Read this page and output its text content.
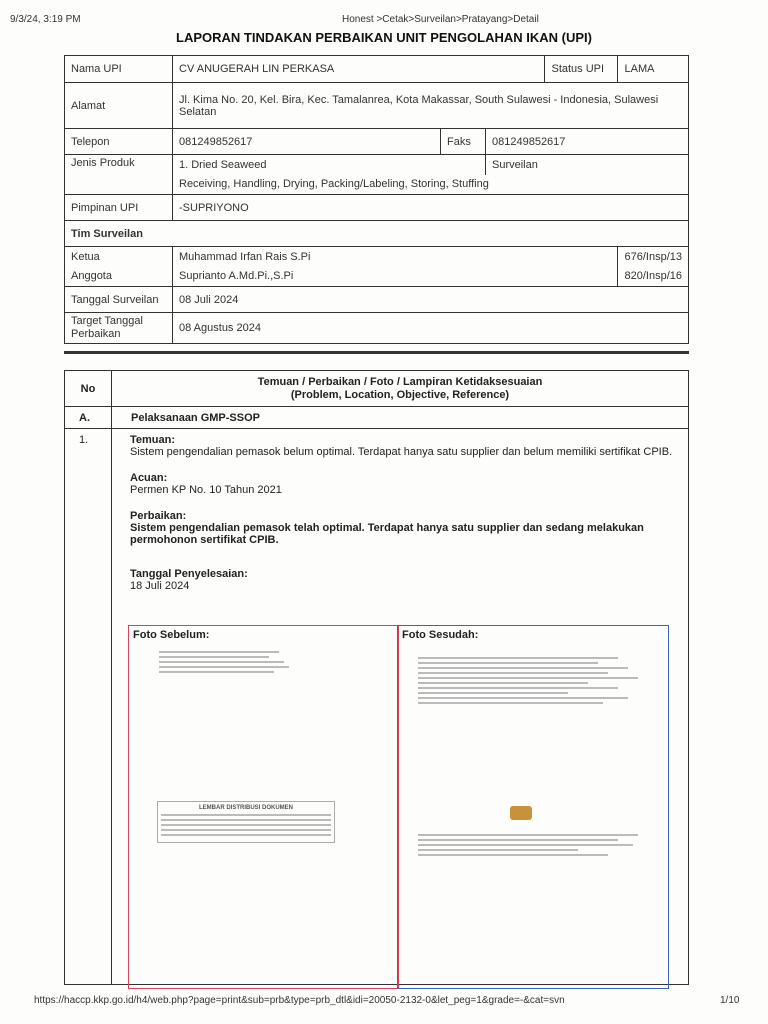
9/3/24, 3:19 PM	Honest >Cetak>Surveilan>Pratayang>Detail
LAPORAN TINDAKAN PERBAIKAN UNIT PENGOLAHAN IKAN (UPI)
Nama UPI	CV ANUGERAH LIN PERKASA			Status UPI	LAMA
Alamat	Jl. Kima No. 20, Kel. Bira, Kec. Tamalanrea, Kota Makassar, South Sulawesi - Indonesia, Sulawesi Selatan				
Telepon	081249852617	Faks	081249852617		
Jenis Produk	1. Dried Seaweed		Surveilan		
	Receiving, Handling, Drying, Packing/Labeling, Storing, Stuffing				
Pimpinan UPI	-SUPRIYONO				
Tim Surveilan					
Ketua	Muhammad Irfan Rais S.Pi				676/Insp/13
Anggota	Suprianto A.Md.Pi.,S.Pi				820/Insp/16
Tanggal Surveilan	08 Juli 2024				
Target Tanggal Perbaikan	08 Agustus 2024				
No	Temuan / Perbaikan / Foto / Lampiran Ketidaksesuaian
(Problem, Location, Objective, Reference)

A.	Pelaksanaan GMP-SSOP
1.		Temuan:
Sistem pengendalian pemasok belum optimal. Terdapat hanya satu supplier dan belum memiliki sertifikat CPIB.
Acuan:
Permen KP No. 10 Tahun 2021
Perbaikan:
Sistem pengendalian pemasok telah optimal. Terdapat hanya satu supplier dan sedang melakukan permohonon sertifikat CPIB.
Tanggal Penyelesaian:
18 Juli 2024
Foto Sebelum:
LEMBAR DISTRIBUSI DOKUMEN
Foto Sesudah:
https://haccp.kkp.go.id/h4/web.php?page=print&sub=prb&type=prb_dtl&idi=20050-2132-0&let_peg=1&grade=-&cat=svn	1/10
